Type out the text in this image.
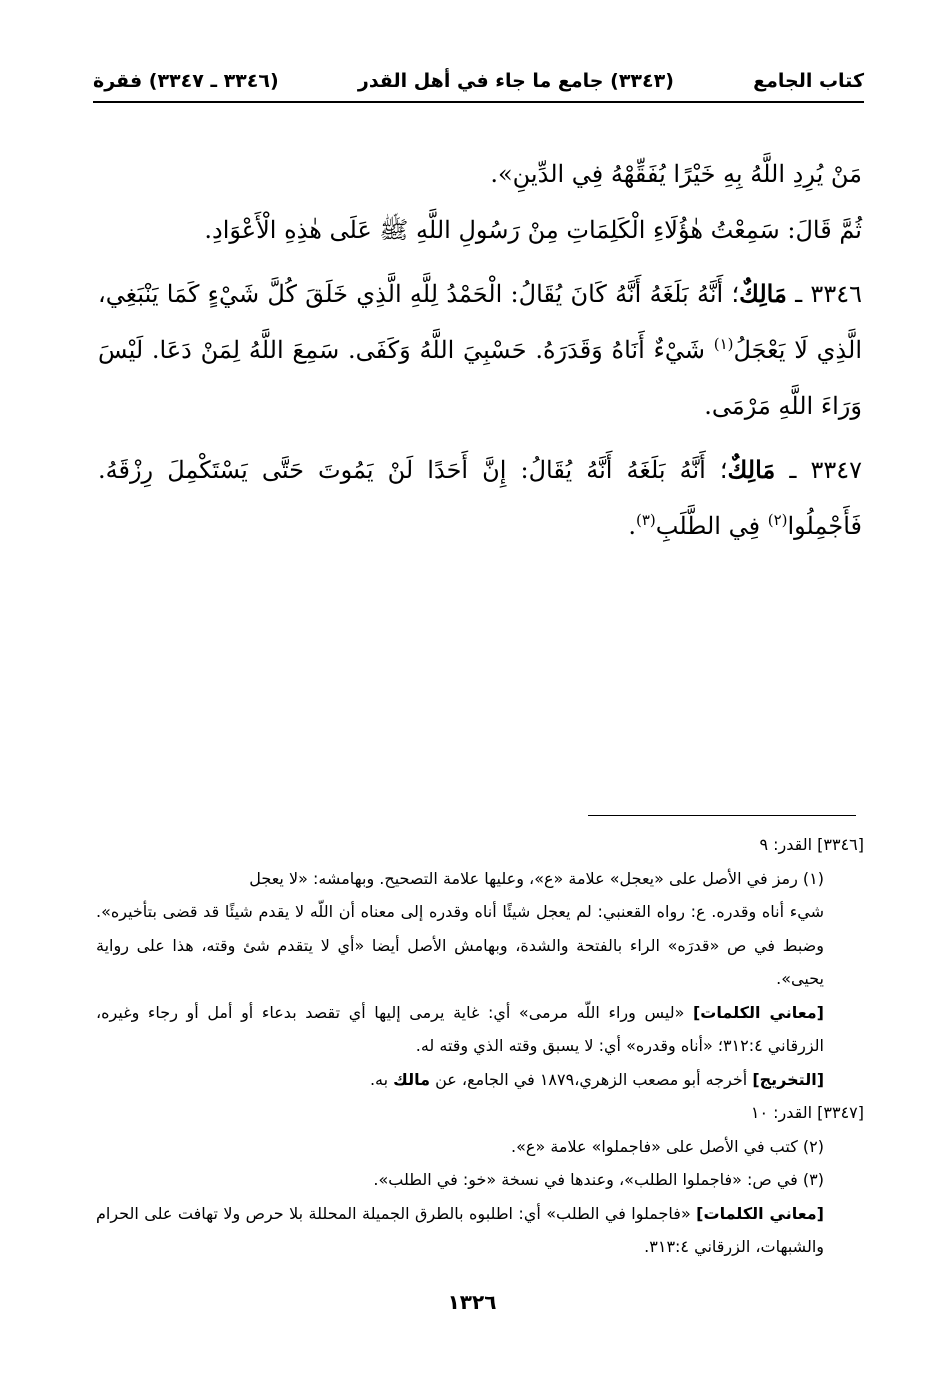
كتاب الجامع
(٣٣٤٣) جامع ما جاء في أهل القدر
(٣٣٤٦ ـ ٣٣٤٧) فقرة

مَنْ يُرِدِ اللَّهُ بِهِ خَيْرًا يُفَقِّهْهُ فِي الدِّينِ».

ثُمَّ قَالَ: سَمِعْتُ هٰؤُلَاءِ الْكَلِمَاتِ مِنْ رَسُولِ اللَّهِ ﷺ عَلَى هٰذِهِ الْأَعْوَادِ.

٣٣٤٦ ـ مَالِكٌ؛ أَنَّهُ بَلَغَهُ أَنَّهُ كَانَ يُقَالُ: الْحَمْدُ لِلَّهِ الَّذِي خَلَقَ كُلَّ شَيْءٍ كَمَا يَنْبَغِي، الَّذِي لَا يَعْجَلُ$^{(١)}$ شَيْءٌ أَنَاهُ وَقَدَرَهُ. حَسْبِيَ اللَّهُ وَكَفَى. سَمِعَ اللَّهُ لِمَنْ دَعَا. لَيْسَ وَرَاءَ اللَّهِ مَرْمَى.

٣٣٤٧ ـ مَالِكٌ؛ أَنَّهُ بَلَغَهُ أَنَّهُ يُقَالُ: إِنَّ أَحَدًا لَنْ يَمُوتَ حَتَّى يَسْتَكْمِلَ رِزْقَهُ. فَأَجْمِلُوا$^{(٢)}$ فِي الطَّلَبِ$^{(٣)}$.

[٣٣٤٦] القدر: ٩

(١) رمز في الأصل على «يعجل» علامة «ع»، وعليها علامة التصحيح. وبهامشه: «لا يعجل
شيء أناه وقدره. ع: رواه القعنبي: لم يعجل شيئًا أناه وقدره إلى معناه أن اللّه لا يقدم شيئًا قد قضى بتأخيره». وضبط في ص «قدرَه» الراء بالفتحة والشدة، وبهامش الأصل أيضا «أي لا يتقدم شئ وقته، هذا على رواية يحيى».

[معاني الكلمات] «ليس وراء اللّه مرمى» أي: غاية يرمى إليها أي تقصد بدعاء أو أمل أو رجاء وغيره، الزرقاني ٣١٢:٤؛ «أناه وقدره» أي: لا يسبق وقته الذي وقته له.

[التخريج] أخرجه أبو مصعب الزهري،١٨٧٩ في الجامع، عن مالك به.

[٣٣٤٧] القدر: ١٠

(٢) كتب في الأصل على «فاجملوا» علامة «ع».

(٣) في ص: «فاجملوا الطلب»، وعندها في نسخة «خو: في الطلب».

[معاني الكلمات] «فاجملوا في الطلب» أي: اطلبوه بالطرق الجميلة المحللة بلا حرص ولا تهافت على الحرام والشبهات، الزرقاني ٣١٣:٤.

١٣٢٦
